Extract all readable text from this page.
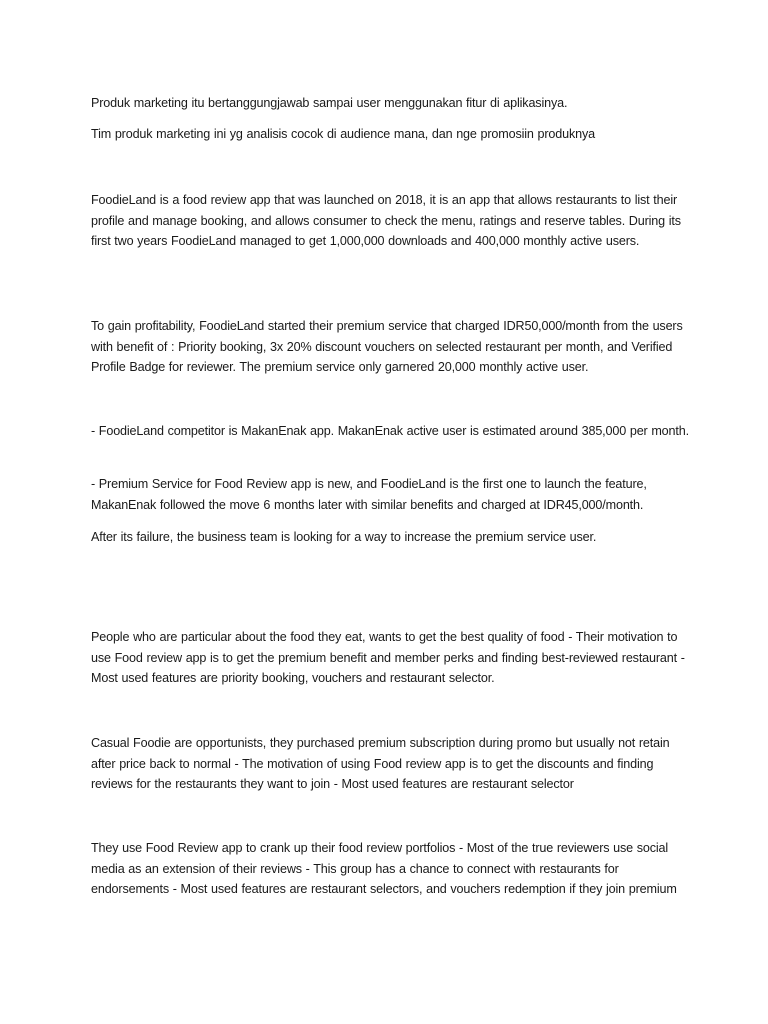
Produk marketing itu bertanggungjawab sampai user menggunakan fitur di aplikasinya.

Tim produk marketing ini yg analisis cocok di audience mana, dan nge promosiin produknya

FoodieLand is a food review app that was launched on 2018, it is an app that allows restaurants to list their profile and manage booking, and allows consumer to check the menu, ratings and reserve tables. During its first two years FoodieLand managed to get 1,000,000 downloads and 400,000 monthly active users.

To gain profitability, FoodieLand started their premium service that charged IDR50,000/month from the users with benefit of : Priority booking, 3x 20% discount vouchers on selected restaurant per month, and Verified Profile Badge for reviewer. The premium service only garnered 20,000 monthly active user.

- FoodieLand competitor is MakanEnak app. MakanEnak active user is estimated around 385,000 per month.

- Premium Service for Food Review app is new, and FoodieLand is the first one to launch the feature, MakanEnak followed the move 6 months later with similar benefits and charged at IDR45,000/month.

After its failure, the business team is looking for a way to increase the premium service user.

People who are particular about the food they eat, wants to get the best quality of food - Their motivation to use Food review app is to get the premium benefit and member perks and finding best-reviewed restaurant - Most used features are priority booking, vouchers and restaurant selector.

Casual Foodie are opportunists, they purchased premium subscription during promo but usually not retain after price back to normal - The motivation of using Food review app is to get the discounts and finding reviews for the restaurants they want to join - Most used features are restaurant selector

They use Food Review app to crank up their food review portfolios - Most of the true reviewers use social media as an extension of their reviews - This group has a chance to connect with restaurants for endorsements - Most used features are restaurant selectors, and vouchers redemption if they join premium
